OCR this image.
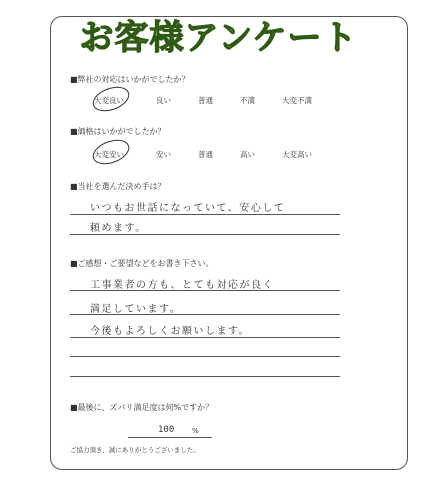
お客様アンケート
■弊社の対応はいかがでしたか？
大変良い	良い	普通	不満	大変不満
■価格はいかがでしたか？
大変安い	安い	普通	高い	大変高い
■当社を選んだ決め手は？
いつもお世話になっていて、安心して
頼めます。
■ご感想・ご要望などをお書き下さい。
工事業者の方も、とても対応が良く
満足しています。
今後もよろしくお願いします。
■最後に、ズバリ満足度は何%ですか？
100	%
ご協力頂き、誠にありがとうございました。
